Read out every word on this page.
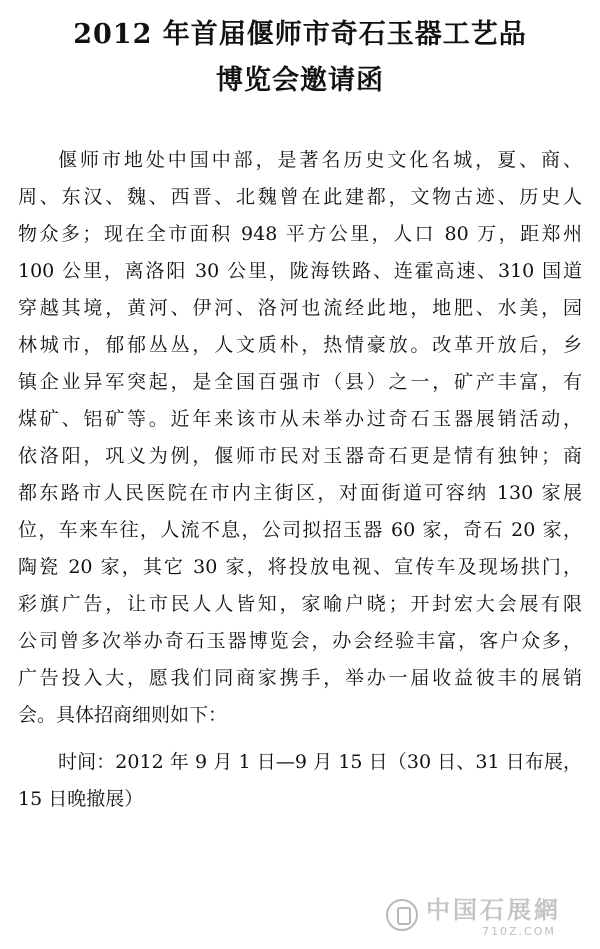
2012 年首届偃师市奇石玉器工艺品
博览会邀请函

偃师市地处中国中部，是著名历史文化名城，夏、商、

周、东汉、魏、西晋、北魏曾在此建都，文物古迹、历史人

物众多；现在全市面积 948 平方公里，人口 80 万，距郑州

100 公里，离洛阳 30 公里，陇海铁路、连霍高速、310 国道

穿越其境，黄河、伊河、洛河也流经此地，地肥、水美，园

林城市，郁郁丛丛，人文质朴，热情豪放。改革开放后，乡

镇企业异军突起，是全国百强市（县）之一，矿产丰富，有

煤矿、铝矿等。近年来该市从未举办过奇石玉器展销活动，

依洛阳，巩义为例，偃师市民对玉器奇石更是情有独钟；商

都东路市人民医院在市内主街区，对面街道可容纳 130 家展

位，车来车往，人流不息，公司拟招玉器 60 家，奇石 20 家，

陶瓷 20 家，其它 30 家，将投放电视、宣传车及现场拱门，

彩旗广告，让市民人人皆知，家喻户晓；开封宏大会展有限

公司曾多次举办奇石玉器博览会，办会经验丰富，客户众多，

广告投入大，愿我们同商家携手，举办一届收益彼丰的展销

会。具体招商细则如下：

时间：2012 年 9 月 1 日—9 月 15 日（30 日、31 日布展，

15 日晚撤展）

中国石展網
710Z.COM
